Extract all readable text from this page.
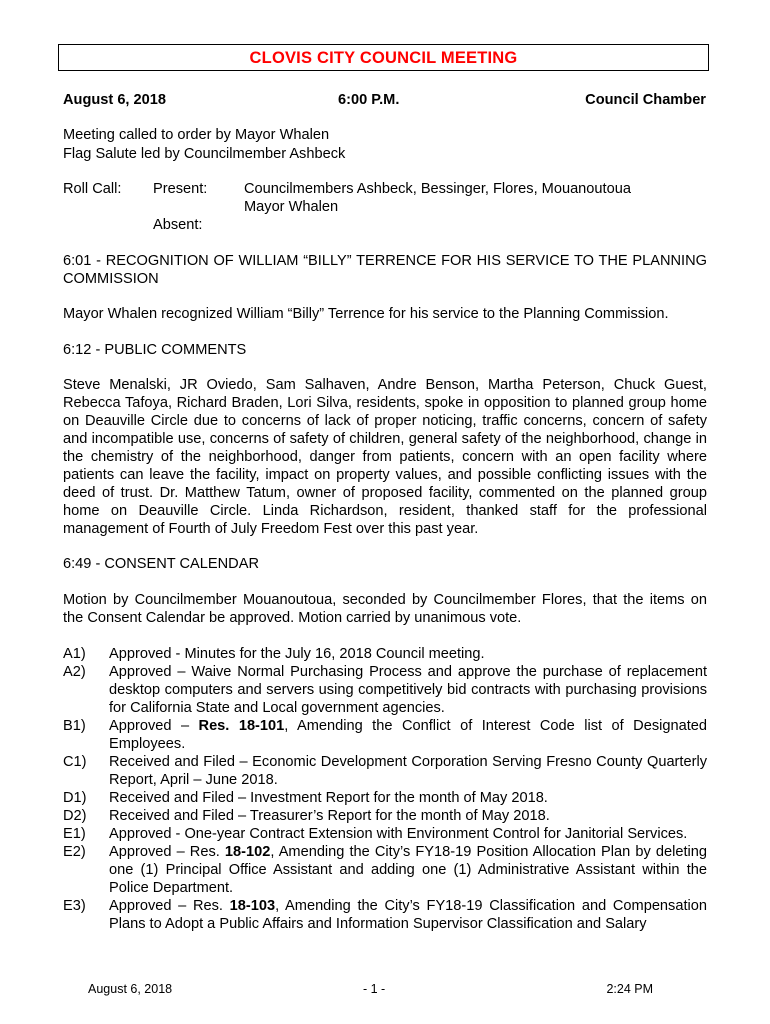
CLOVIS CITY COUNCIL MEETING
August 6, 2018	6:00 P.M.	Council Chamber
Meeting called to order by Mayor Whalen
Flag Salute led by Councilmember Ashbeck
Roll Call: Present:	Councilmembers Ashbeck, Bessinger, Flores, Mouanoutoua
Mayor Whalen
Absent:

6:01 - RECOGNITION OF WILLIAM “BILLY” TERRENCE FOR HIS SERVICE TO THE PLANNING COMMISSION

Mayor Whalen recognized William “Billy” Terrence for his service to the Planning Commission.

6:12 - PUBLIC COMMENTS

Steve Menalski, JR Oviedo, Sam Salhaven, Andre Benson, Martha Peterson, Chuck Guest, Rebecca Tafoya, Richard Braden, Lori Silva, residents, spoke in opposition to planned group home on Deauville Circle due to concerns of lack of proper noticing, traffic concerns, concern of safety and incompatible use, concerns of safety of children, general safety of the neighborhood, change in the chemistry of the neighborhood, danger from patients, concern with an open facility where patients can leave the facility, impact on property values, and possible conflicting issues with the deed of trust. Dr. Matthew Tatum, owner of proposed facility, commented on the planned group home on Deauville Circle. Linda Richardson, resident, thanked staff for the professional management of Fourth of July Freedom Fest over this past year.

6:49 - CONSENT CALENDAR

Motion by Councilmember Mouanoutoua, seconded by Councilmember Flores, that the items on the Consent Calendar be approved. Motion carried by unanimous vote.

A1)	Approved - Minutes for the July 16, 2018 Council meeting.
A2)	Approved – Waive Normal Purchasing Process and approve the purchase of replacement desktop computers and servers using competitively bid contracts with purchasing provisions for California State and Local government agencies.
B1)	Approved – Res. 18-101, Amending the Conflict of Interest Code list of Designated Employees.
C1)	Received and Filed – Economic Development Corporation Serving Fresno County Quarterly Report, April – June 2018.
D1)	Received and Filed – Investment Report for the month of May 2018.
D2)	Received and Filed – Treasurer’s Report for the month of May 2018.
E1)	Approved - One-year Contract Extension with Environment Control for Janitorial Services.
E2)	Approved – Res. 18-102, Amending the City’s FY18-19 Position Allocation Plan by deleting one (1) Principal Office Assistant and adding one (1) Administrative Assistant within the Police Department.
E3)	Approved – Res. 18-103, Amending the City’s FY18-19 Classification and Compensation Plans to Adopt a Public Affairs and Information Supervisor Classification and Salary
August 6, 2018	- 1 -	2:24 PM
